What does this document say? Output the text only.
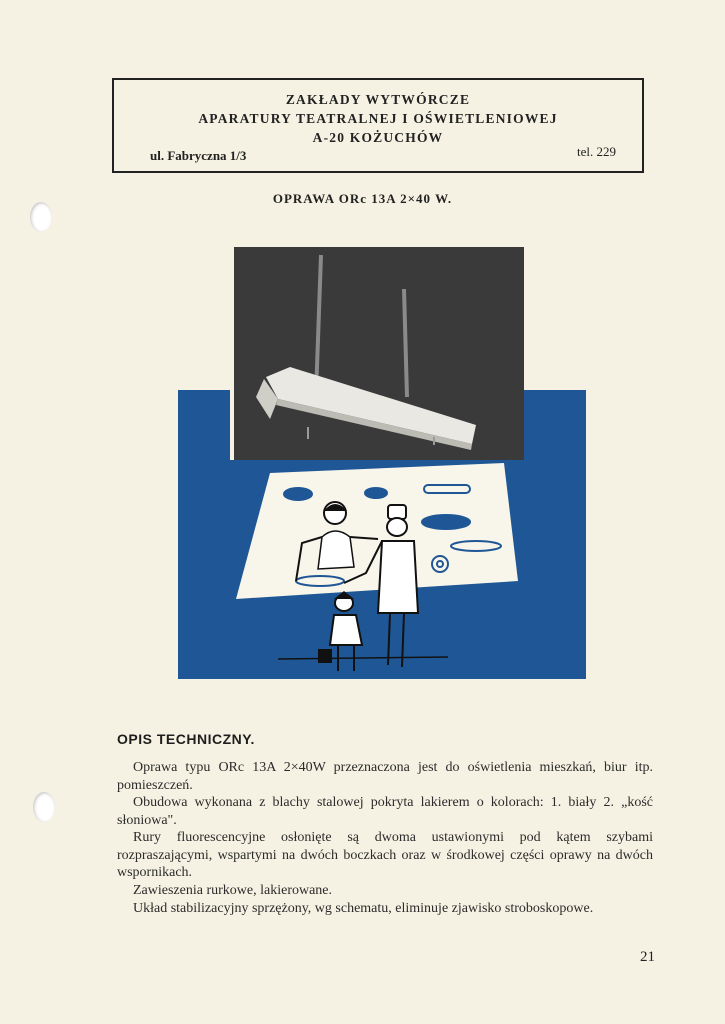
ZAKŁADY WYTWÓRCZE
APARATURY TEATRALNEJ I OŚWIETLENIOWEJ
A-20 KOŻUCHÓW
ul. Fabryczna 1/3	tel. 229
OPRAWA ORc 13A 2×40 W.
OPIS TECHNICZNY.

Oprawa typu ORc 13A 2×40W przeznaczona jest do oświetlenia mieszkań, biur itp. pomieszczeń.

Obudowa wykonana z blachy stalowej pokryta lakierem o kolorach: 1. biały 2. „kość słoniowa".

Rury fluorescencyjne osłonięte są dwoma ustawionymi pod kątem szybami rozpraszającymi, wspartymi na dwóch boczkach oraz w środkowej części oprawy na dwóch wspornikach.

Zawieszenia rurkowe, lakierowane.

Układ stabilizacyjny sprzężony, wg schematu, eliminuje zjawisko stroboskopowe.

21
